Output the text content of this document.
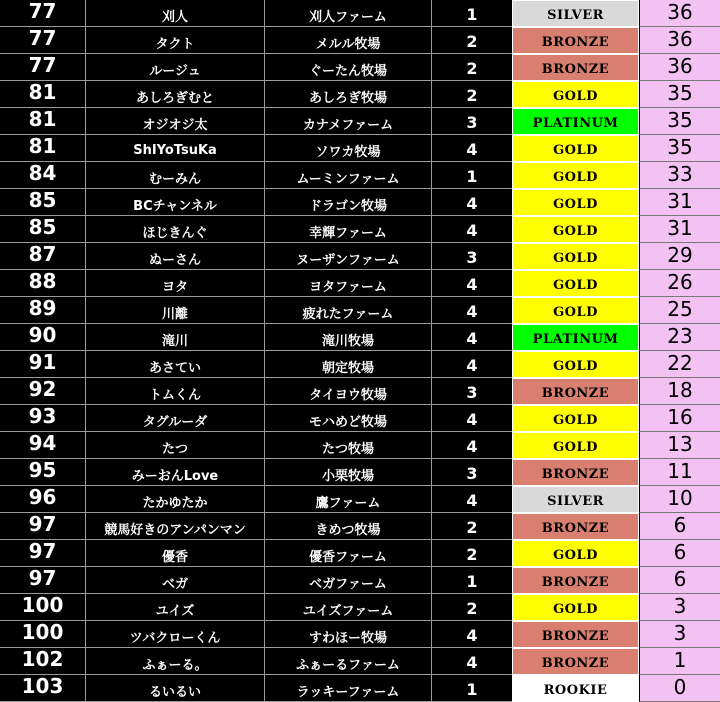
77	刈人	刈人ファーム	1	SILVER	36
77	タクト	メルル牧場	2	BRONZE	36
77	ルージュ	ぐーたん牧場	2	BRONZE	36
81	あしろぎむと	あしろぎ牧場	2	GOLD	35
81	オジオジ太	カナメファーム	3	PLATINUM	35
81	ShIYoTsuKa	ソワカ牧場	4	GOLD	35
84	むーみん	ムーミンファーム	1	GOLD	33
85	BCチャンネル	ドラゴン牧場	4	GOLD	31
85	ほじきんぐ	幸輝ファーム	4	GOLD	31
87	ぬーさん	ヌーザンファーム	3	GOLD	29
88	ヨタ	ヨタファーム	4	GOLD	26
89	川離	疲れたファーム	4	GOLD	25
90	滝川	滝川牧場	4	PLATINUM	23
91	あさてい	朝定牧場	4	GOLD	22
92	トムくん	タイヨウ牧場	3	BRONZE	18
93	タグルーダ	モハめど牧場	4	GOLD	16
94	たつ	たつ牧場	4	GOLD	13
95	みーおんLove	小栗牧場	3	BRONZE	11
96	たかゆたか	鷹ファーム	4	SILVER	10
97	競馬好きのアンパンマン	きめつ牧場	2	BRONZE	6
97	優香	優香ファーム	2	GOLD	6
97	ベガ	ベガファーム	1	BRONZE	6
100	ユイズ	ユイズファーム	2	GOLD	3
100	ツバクローくん	すわほー牧場	4	BRONZE	3
102	ふぁーる。	ふぁーるファーム	4	BRONZE	1
103	るいるい	ラッキーファーム	1	ROOKIE	0
